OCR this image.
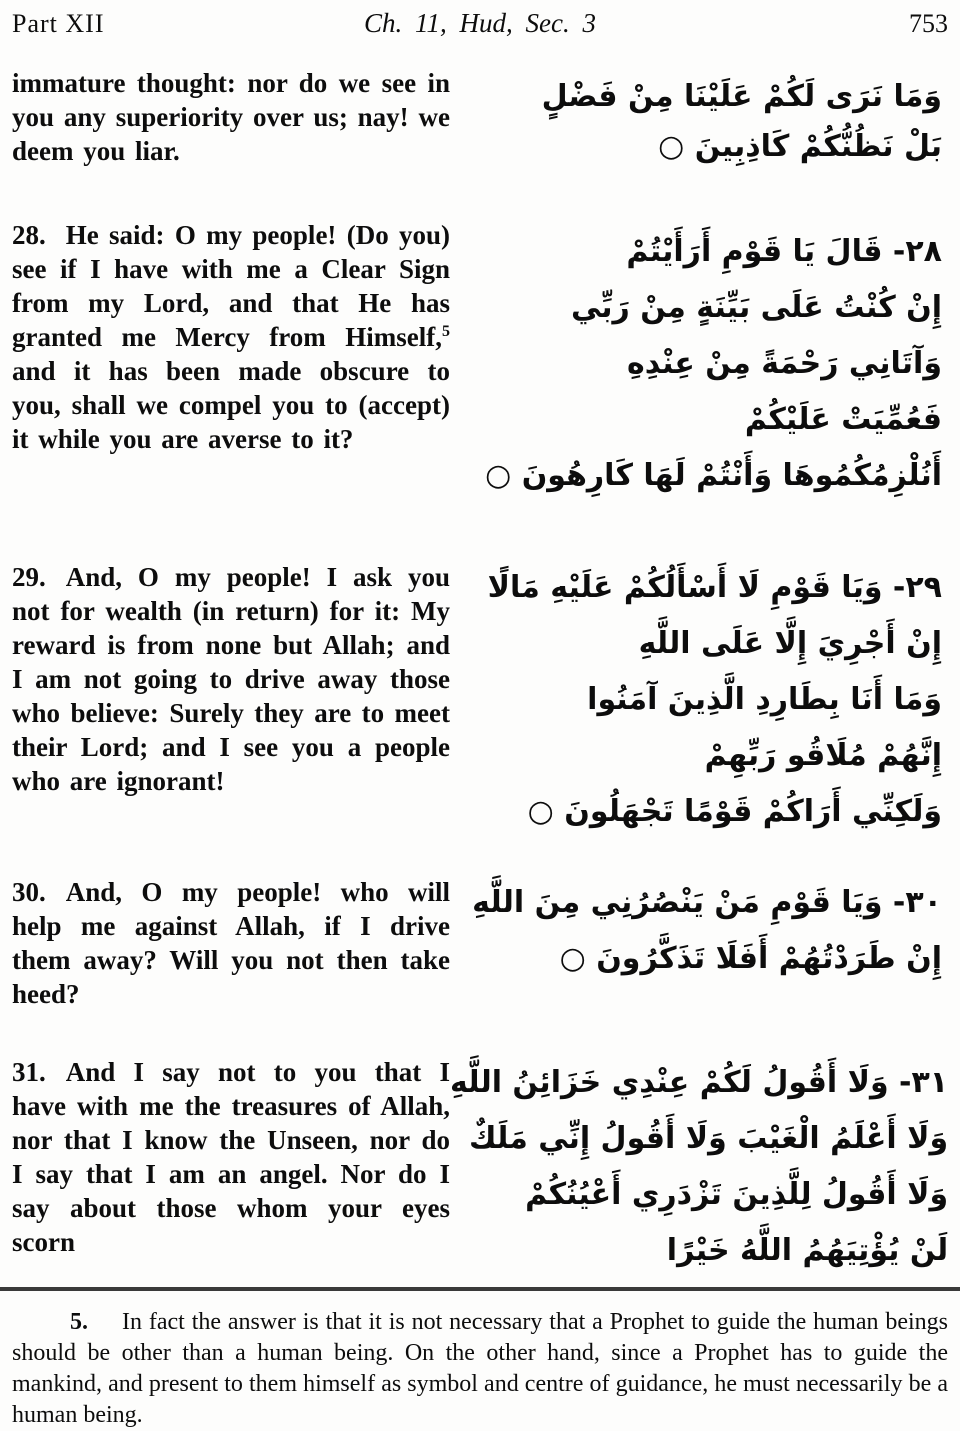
Part XII	Ch. 11, Hud, Sec. 3	753

immature thought: nor do we see in you any superiority over us; nay! we deem you liar.

وَمَا نَرَى لَكُمْ عَلَيْنَا مِنْ فَضْلٍ
بَلْ نَظُنُّكُمْ كَاذِبِينَ ○

28. He said: O my people! (Do you) see if I have with me a Clear Sign from my Lord, and that He has granted me Mercy from Himself,$^5$ and it has been made obscure to you, shall we compel you to (accept) it while you are averse to it?

٢٨- قَالَ يَا قَوْمِ أَرَأَيْتُمْ
إِنْ كُنْتُ عَلَى بَيِّنَةٍ مِنْ رَبِّي
وَآتَانِي رَحْمَةً مِنْ عِنْدِهِ
فَعُمِّيَتْ عَلَيْكُمْ
أَنُلْزِمُكُمُوهَا وَأَنْتُمْ لَهَا كَارِهُونَ ○

29. And, O my people! I ask you not for wealth (in return) for it: My reward is from none but Allah; and I am not going to drive away those who believe: Surely they are to meet their Lord; and I see you a people who are ignorant!

٢٩- وَيَا قَوْمِ لَا أَسْأَلُكُمْ عَلَيْهِ مَالًا
إِنْ أَجْرِيَ إِلَّا عَلَى اللَّهِ
وَمَا أَنَا بِطَارِدِ الَّذِينَ آمَنُوا
إِنَّهُمْ مُلَاقُو رَبِّهِمْ
وَلَكِنِّي أَرَاكُمْ قَوْمًا تَجْهَلُونَ ○

30. And, O my people! who will help me against Allah, if I drive them away? Will you not then take heed?

٣٠- وَيَا قَوْمِ مَنْ يَنْصُرُنِي مِنَ اللَّهِ
إِنْ طَرَدْتُهُمْ أَفَلَا تَذَكَّرُونَ ○

31. And I say not to you that I have with me the treasures of Allah, nor that I know the Unseen, nor do I say that I am an angel. Nor do I say about those whom your eyes scorn

٣١- وَلَا أَقُولُ لَكُمْ عِنْدِي خَزَائِنُ اللَّهِ
وَلَا أَعْلَمُ الْغَيْبَ وَلَا أَقُولُ إِنِّي مَلَكٌ
وَلَا أَقُولُ لِلَّذِينَ تَزْدَرِي أَعْيُنُكُمْ
لَنْ يُؤْتِيَهُمُ اللَّهُ خَيْرًا

5. In fact the answer is that it is not necessary that a Prophet to guide the human beings should be other than a human being. On the other hand, since a Prophet has to guide the mankind, and present to them himself as symbol and centre of guidance, he must necessarily be a human being.
